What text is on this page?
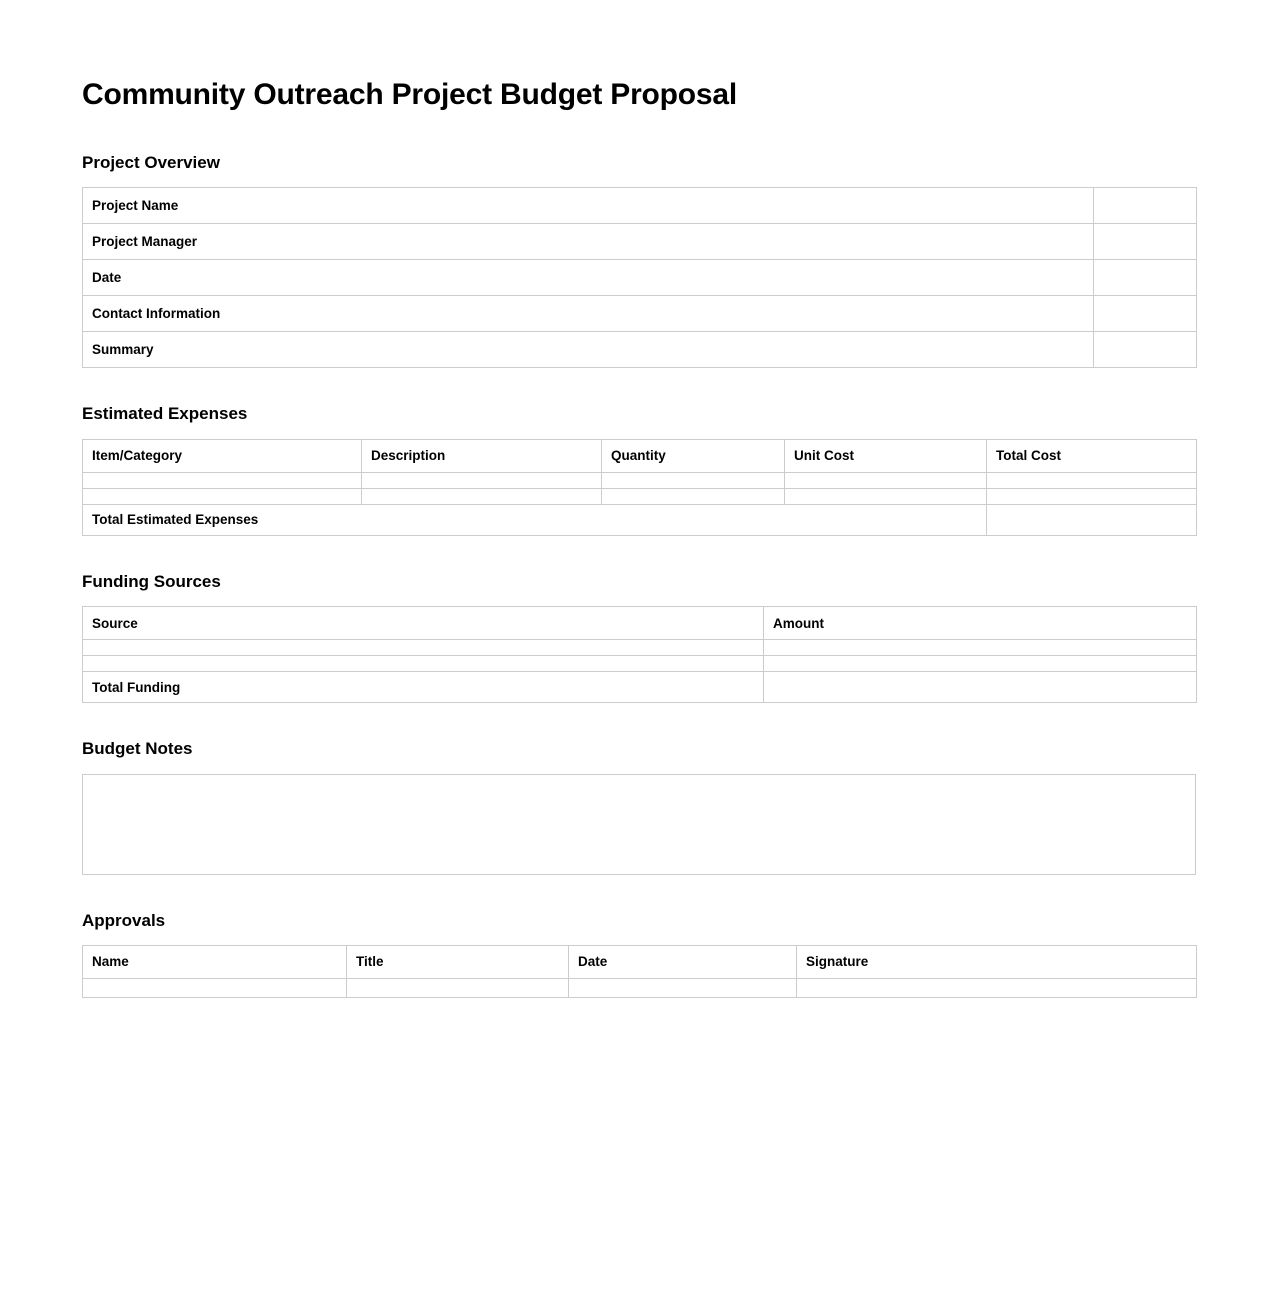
Community Outreach Project Budget Proposal
Project Overview
Project Name	
Project Manager	
Date	
Contact Information	
Summary	
Estimated Expenses
Item/Category	Description	Quantity	Unit Cost	Total Cost

Total Estimated Expenses				
Funding Sources
Source	Amount

Total Funding	
Budget Notes
Approvals
Name	Title	Date	Signature
